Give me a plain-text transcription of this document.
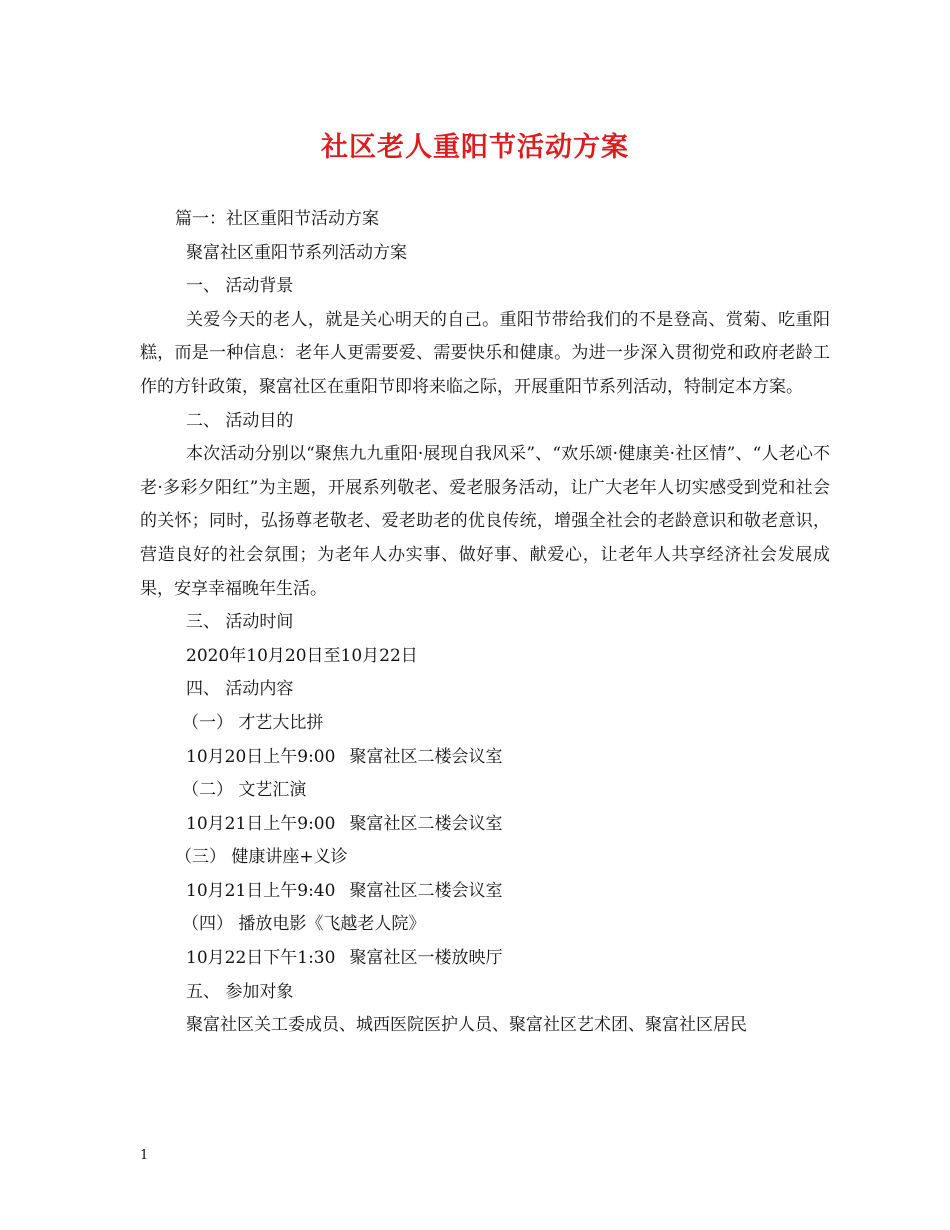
社区老人重阳节活动方案
篇一：社区重阳节活动方案
聚富社区重阳节系列活动方案
一、 活动背景
关爱今天的老人，就是关心明天的自己。重阳节带给我们的不是登高、赏菊、吃重阳糕，而是一种信息：老年人更需要爱、需要快乐和健康。为进一步深入贯彻党和政府老龄工作的方针政策，聚富社区在重阳节即将来临之际，开展重阳节系列活动，特制定本方案。
二、 活动目的
本次活动分别以“聚焦九九重阳·展现自我风采”、“欢乐颂·健康美·社区情”、“人老心不老·多彩夕阳红”为主题，开展系列敬老、爱老服务活动，让广大老年人切实感受到党和社会的关怀；同时，弘扬尊老敬老、爱老助老的优良传统，增强全社会的老龄意识和敬老意识，营造良好的社会氛围；为老年人办实事、做好事、献爱心，让老年人共享经济社会发展成果，安享幸福晚年生活。
三、 活动时间
2020年10月20日至10月22日
四、 活动内容
（一） 才艺大比拼
10月20日上午9:00 聚富社区二楼会议室
（二） 文艺汇演
10月21日上午9:00 聚富社区二楼会议室
（三） 健康讲座+义诊
10月21日上午9:40 聚富社区二楼会议室
（四） 播放电影《飞越老人院》
10月22日下午1:30 聚富社区一楼放映厅
五、 参加对象
聚富社区关工委成员、城西医院医护人员、聚富社区艺术团、聚富社区居民
1
